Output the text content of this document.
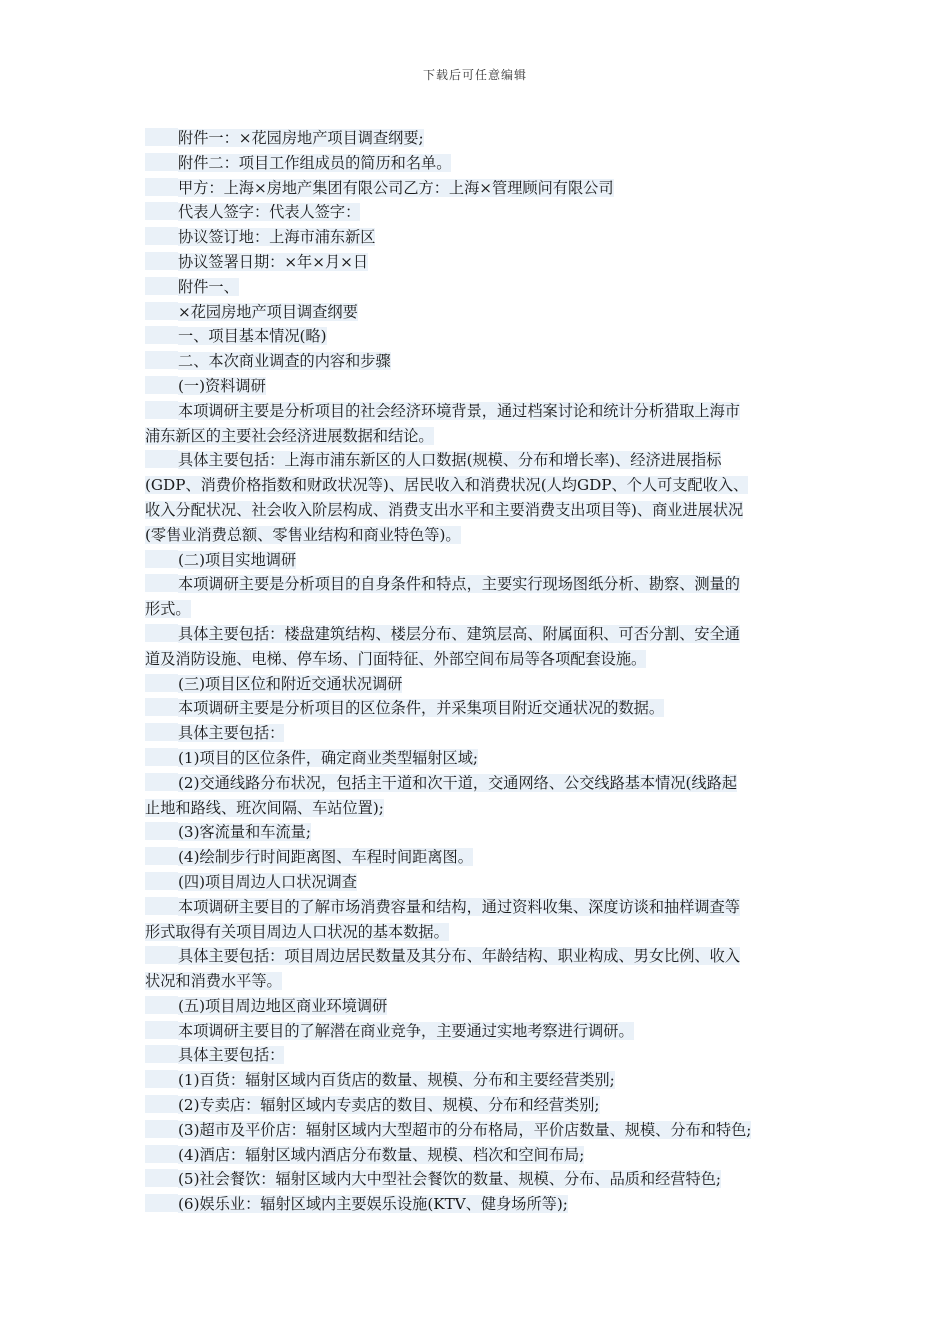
下载后可任意编辑
附件一：×花园房地产项目调查纲要;
附件二：项目工作组成员的简历和名单。
甲方：上海×房地产集团有限公司乙方：上海×管理顾问有限公司
代表人签字：代表人签字：
协议签订地：上海市浦东新区
协议签署日期：×年×月×日
附件一、
×花园房地产项目调查纲要
一、项目基本情况(略)
二、本次商业调查的内容和步骤
(一)资料调研
本项调研主要是分析项目的社会经济环境背景，通过档案讨论和统计分析猎取上海市
浦东新区的主要社会经济进展数据和结论。
具体主要包括：上海市浦东新区的人口数据(规模、分布和增长率)、经济进展指标
(GDP、消费价格指数和财政状况等)、居民收入和消费状况(人均GDP、个人可支配收入、
收入分配状况、社会收入阶层构成、消费支出水平和主要消费支出项目等)、商业进展状况
(零售业消费总额、零售业结构和商业特色等)。
(二)项目实地调研
本项调研主要是分析项目的自身条件和特点，主要实行现场图纸分析、勘察、测量的
形式。
具体主要包括：楼盘建筑结构、楼层分布、建筑层高、附属面积、可否分割、安全通
道及消防设施、电梯、停车场、门面特征、外部空间布局等各项配套设施。
(三)项目区位和附近交通状况调研
本项调研主要是分析项目的区位条件，并采集项目附近交通状况的数据。
具体主要包括：
(1)项目的区位条件，确定商业类型辐射区域;
(2)交通线路分布状况，包括主干道和次干道，交通网络、公交线路基本情况(线路起
止地和路线、班次间隔、车站位置);
(3)客流量和车流量;
(4)绘制步行时间距离图、车程时间距离图。
(四)项目周边人口状况调查
本项调研主要目的了解市场消费容量和结构，通过资料收集、深度访谈和抽样调查等
形式取得有关项目周边人口状况的基本数据。
具体主要包括：项目周边居民数量及其分布、年龄结构、职业构成、男女比例、收入
状况和消费水平等。
(五)项目周边地区商业环境调研
本项调研主要目的了解潜在商业竞争，主要通过实地考察进行调研。
具体主要包括：
(1)百货：辐射区域内百货店的数量、规模、分布和主要经营类别;
(2)专卖店：辐射区域内专卖店的数目、规模、分布和经营类别;
(3)超市及平价店：辐射区域内大型超市的分布格局，平价店数量、规模、分布和特色;
(4)酒店：辐射区域内酒店分布数量、规模、档次和空间布局;
(5)社会餐饮：辐射区域内大中型社会餐饮的数量、规模、分布、品质和经营特色;
(6)娱乐业：辐射区域内主要娱乐设施(KTV、健身场所等);
